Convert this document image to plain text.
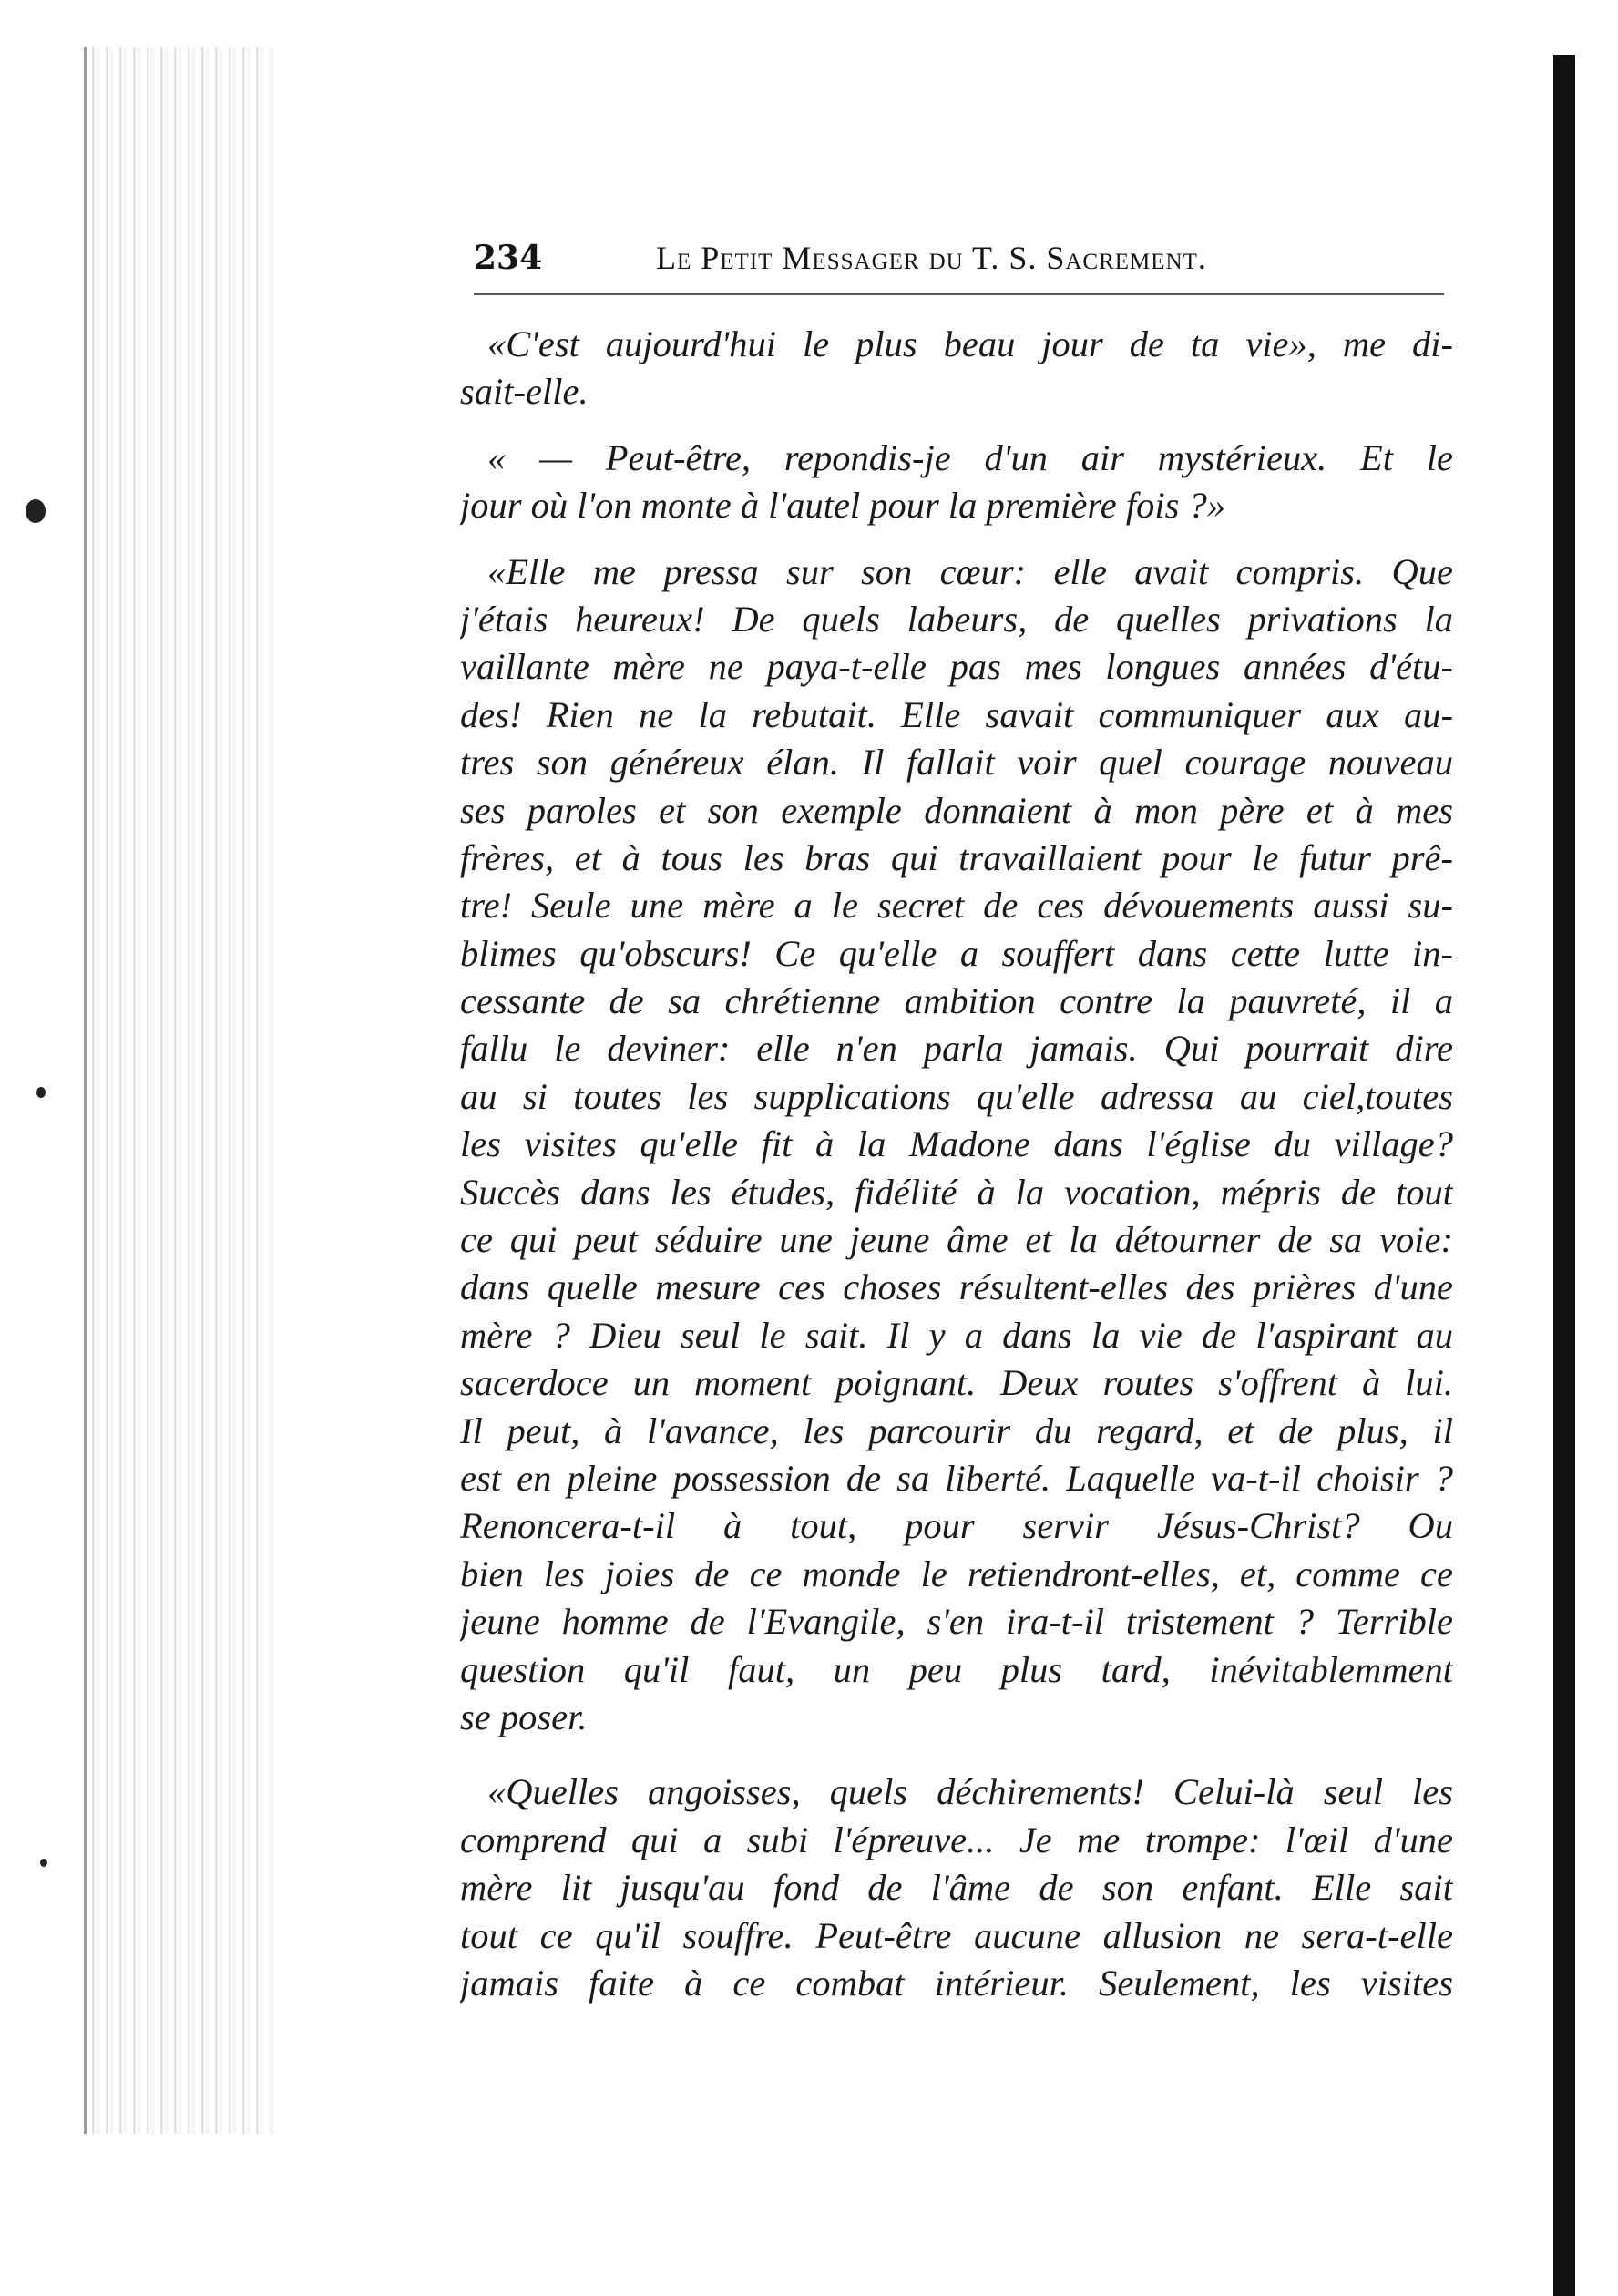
234	Le Petit Messager du T. S. Sacrement.
«C'est aujourd'hui le plus beau jour de ta vie», me di-
sait-elle.
« — Peut-être, repondis-je d'un air mystérieux. Et le
jour où l'on monte à l'autel pour la première fois ?»
«Elle me pressa sur son cœur: elle avait compris. Que
j'étais heureux! De quels labeurs, de quelles privations la
vaillante mère ne paya-t-elle pas mes longues années d'étu-
des! Rien ne la rebutait. Elle savait communiquer aux au-
tres son généreux élan. Il fallait voir quel courage nouveau
ses paroles et son exemple donnaient à mon père et à mes
frères, et à tous les bras qui travaillaient pour le futur prê-
tre! Seule une mère a le secret de ces dévouements aussi su-
blimes qu'obscurs! Ce qu'elle a souffert dans cette lutte in-
cessante de sa chrétienne ambition contre la pauvreté, il a
fallu le deviner: elle n'en parla jamais. Qui pourrait dire
au si toutes les supplications qu'elle adressa au ciel,toutes
les visites qu'elle fit à la Madone dans l'église du village?
Succès dans les études, fidélité à la vocation, mépris de tout
ce qui peut séduire une jeune âme et la détourner de sa voie:
dans quelle mesure ces choses résultent-elles des prières d'une
mère ? Dieu seul le sait. Il y a dans la vie de l'aspirant au
sacerdoce un moment poignant. Deux routes s'offrent à lui.
Il peut, à l'avance, les parcourir du regard, et de plus, il
est en pleine possession de sa liberté. Laquelle va-t-il choisir ?
Renoncera-t-il à tout, pour servir Jésus-Christ? Ou
bien les joies de ce monde le retiendront-elles, et, comme ce
jeune homme de l'Evangile, s'en ira-t-il tristement ? Terrible
question qu'il faut, un peu plus tard, inévitablemment
se poser.
«Quelles angoisses, quels déchirements! Celui-là seul les
comprend qui a subi l'épreuve... Je me trompe: l'œil d'une
mère lit jusqu'au fond de l'âme de son enfant. Elle sait
tout ce qu'il souffre. Peut-être aucune allusion ne sera-t-elle
jamais faite à ce combat intérieur. Seulement, les visites
